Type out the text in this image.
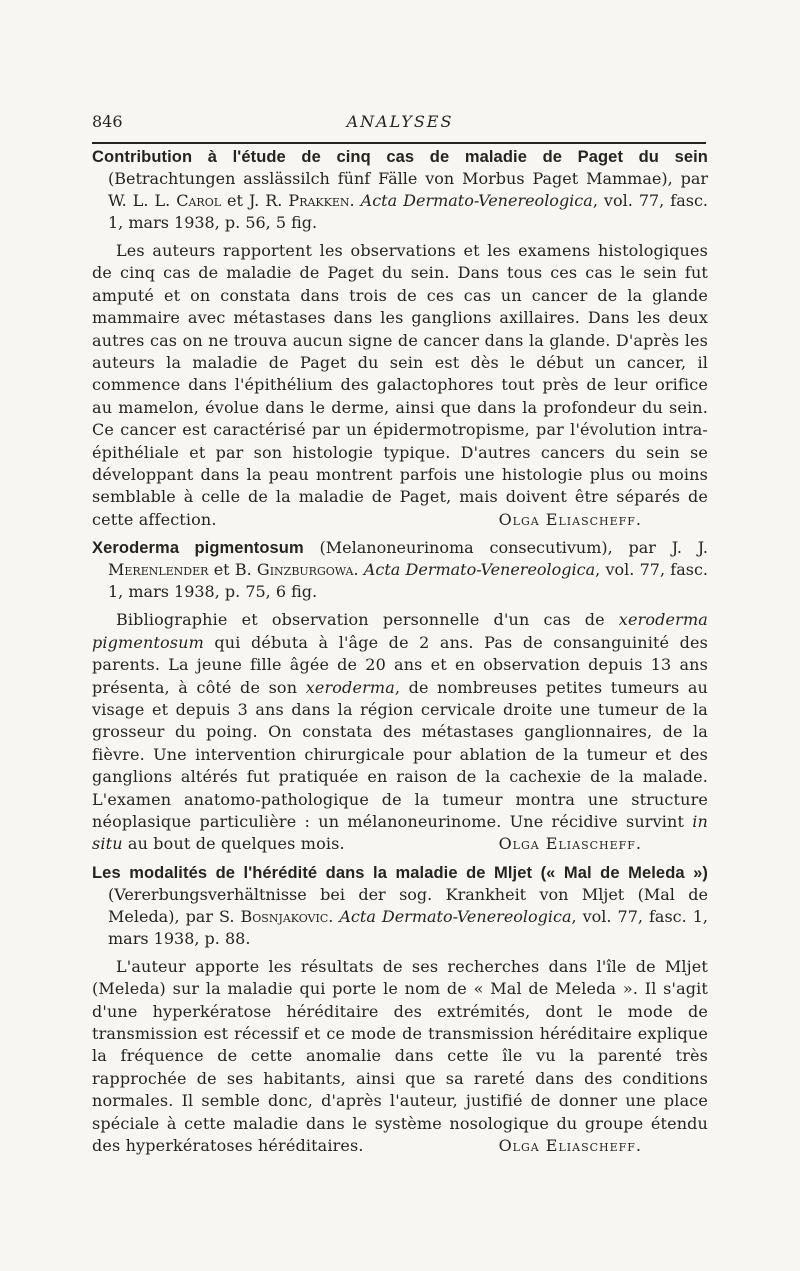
846	ANALYSES

Contribution à l'étude de cinq cas de maladie de Paget du sein (Betrachtungen asslässilch fünf Fälle von Morbus Paget Mammae), par W. L. L. Carol et J. R. Prakken. Acta Dermato-Venereologica, vol. 77, fasc. 1, mars 1938, p. 56, 5 fig.

Les auteurs rapportent les observations et les examens histologiques de cinq cas de maladie de Paget du sein. Dans tous ces cas le sein fut amputé et on constata dans trois de ces cas un cancer de la glande mammaire avec métastases dans les ganglions axillaires. Dans les deux autres cas on ne trouva aucun signe de cancer dans la glande. D'après les auteurs la maladie de Paget du sein est dès le début un cancer, il commence dans l'épithélium des galactophores tout près de leur orifice au mamelon, évolue dans le derme, ainsi que dans la profondeur du sein. Ce cancer est caractérisé par un épidermotropisme, par l'évolution intra-épithéliale et par son histologie typique. D'autres cancers du sein se développant dans la peau montrent parfois une histologie plus ou moins semblable à celle de la maladie de Paget, mais doivent être séparés de cette affection.	Olga Eliascheff.

Xeroderma pigmentosum (Melanoneurinoma consecutivum), par J. J. Merenlender et B. Ginzburgowa. Acta Dermato-Venereologica, vol. 77, fasc. 1, mars 1938, p. 75, 6 fig.

Bibliographie et observation personnelle d'un cas de xeroderma pigmentosum qui débuta à l'âge de 2 ans. Pas de consanguinité des parents. La jeune fille âgée de 20 ans et en observation depuis 13 ans présenta, à côté de son xeroderma, de nombreuses petites tumeurs au visage et depuis 3 ans dans la région cervicale droite une tumeur de la grosseur du poing. On constata des métastases ganglionnaires, de la fièvre. Une intervention chirurgicale pour ablation de la tumeur et des ganglions altérés fut pratiquée en raison de la cachexie de la malade. L'examen anatomo-pathologique de la tumeur montra une structure néoplasique particulière : un mélanoneurinome. Une récidive survint in situ au bout de quelques mois.	Olga Eliascheff.

Les modalités de l'hérédité dans la maladie de Mljet (« Mal de Meleda ») (Vererbungsverhältnisse bei der sog. Krankheit von Mljet (Mal de Meleda), par S. Bosnjakovic. Acta Dermato-Venereologica, vol. 77, fasc. 1, mars 1938, p. 88.

L'auteur apporte les résultats de ses recherches dans l'île de Mljet (Meleda) sur la maladie qui porte le nom de « Mal de Meleda ». Il s'agit d'une hyperkératose héréditaire des extrémités, dont le mode de transmission est récessif et ce mode de transmission héréditaire explique la fréquence de cette anomalie dans cette île vu la parenté très rapprochée de ses habitants, ainsi que sa rareté dans des conditions normales. Il semble donc, d'après l'auteur, justifié de donner une place spéciale à cette maladie dans le système nosologique du groupe étendu des hyperkératoses héréditaires.	Olga Eliascheff.
